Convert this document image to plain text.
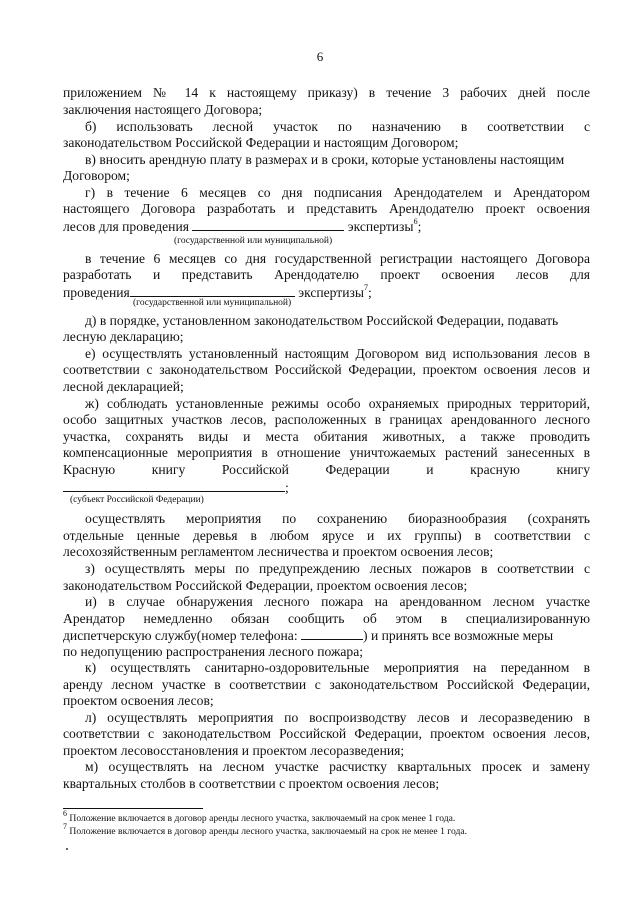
6
приложением № 14 к настоящему приказу) в течение 3 рабочих дней после
заключения настоящего Договора;
б) использовать лесной участок по назначению в соответствии с
законодательством Российской Федерации и настоящим Договором;
в) вносить арендную плату в размерах и в сроки, которые установлены настоящим
Договором;
г) в течение 6 месяцев со дня подписания Арендодателем и Арендатором
настоящего Договора разработать и представить Арендодателю проект освоения
лесов для проведения	экспертизы$^6$;
(государственной или муниципальной)
в течение 6 месяцев со дня государственной регистрации настоящего Договора
разработать и представить Арендодателю проект освоения лесов для
проведения	экспертизы$^7$;
(государственной или муниципальной)
д) в порядке, установленном законодательством Российской Федерации, подавать
лесную декларацию;
е) осуществлять установленный настоящим Договором вид использования лесов в
соответствии с законодательством Российской Федерации, проектом освоения лесов и
лесной декларацией;
ж) соблюдать установленные режимы особо охраняемых природных территорий,
особо защитных участков лесов, расположенных в границах арендованного лесного
участка, сохранять виды и места обитания животных, а также проводить
компенсационные мероприятия в отношение уничтожаемых растений занесенных в
Красную книгу Российской Федерации и красную книгу
;
(субъект Российской Федерации)
осуществлять мероприятия по сохранению биоразнообразия (сохранять
отдельные ценные деревья в любом ярусе и их группы) в соответствии с
лесохозяйственным регламентом лесничества и проектом освоения лесов;
з) осуществлять меры по предупреждению лесных пожаров в соответствии с
законодательством Российской Федерации, проектом освоения лесов;
и) в случае обнаружения лесного пожара на арендованном лесном участке
Арендатор немедленно обязан сообщить об этом в специализированную
диспетчерскую службу(номер телефона:	) и принять все возможные меры
по недопущению распространения лесного пожара;
к) осуществлять санитарно-оздоровительные мероприятия на переданном в
аренду лесном участке в соответствии с законодательством Российской Федерации,
проектом освоения лесов;
л) осуществлять мероприятия по воспроизводству лесов и лесоразведению в
соответствии с законодательством Российской Федерации, проектом освоения лесов,
проектом лесовосстановления и проектом лесоразведения;
м) осуществлять на лесном участке расчистку квартальных просек и замену
квартальных столбов в соответствии с проектом освоения лесов;
$^6$ Положение включается в договор аренды лесного участка, заключаемый на срок менее 1 года.
$^7$ Положение включается в договор аренды лесного участка, заключаемый на срок не менее 1 года.
